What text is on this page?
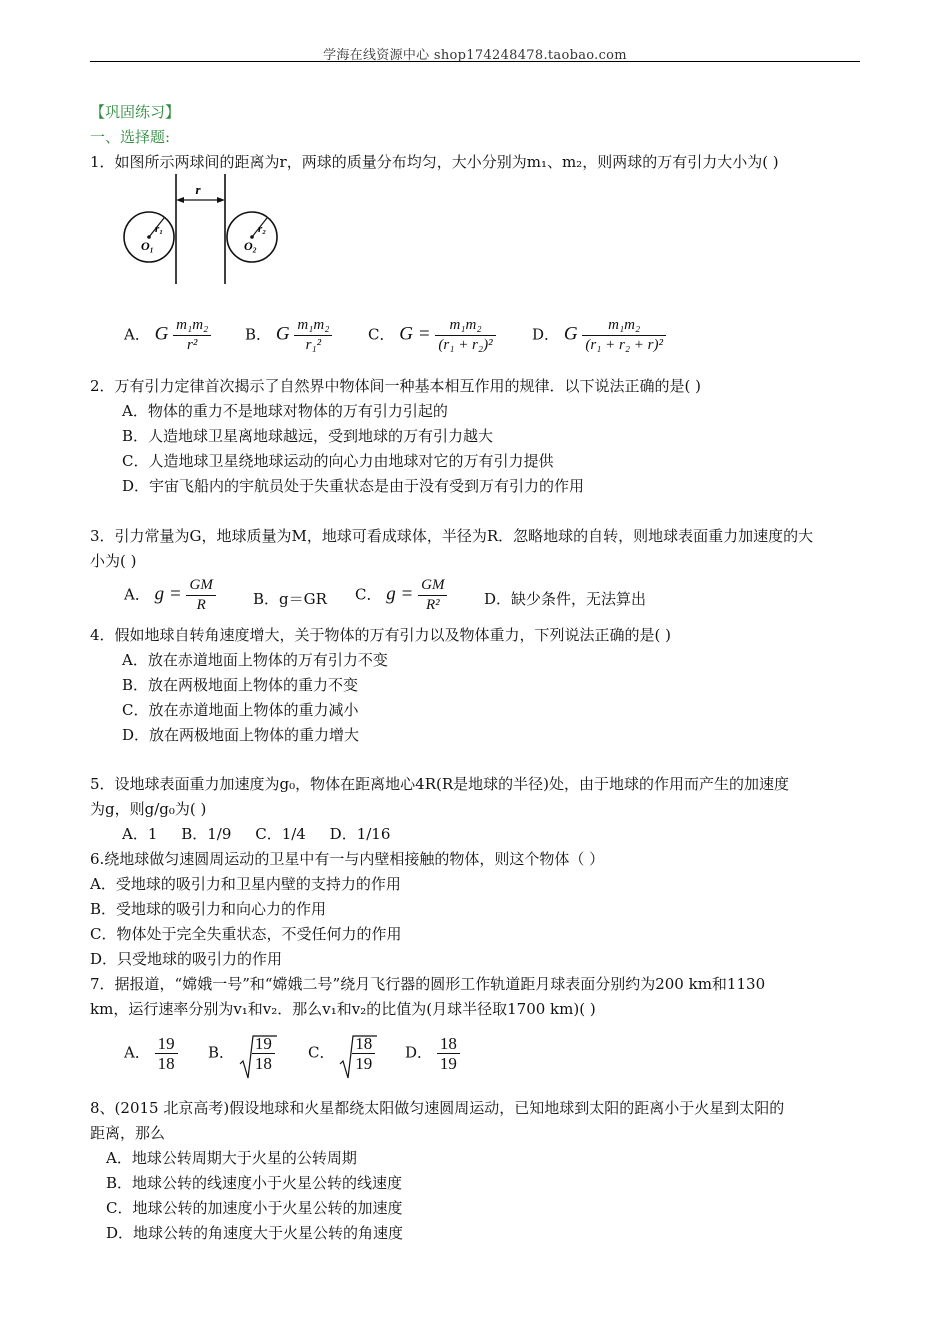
学海在线资源中心 shop174248478.taobao.com
【巩固练习】
一、选择题:
1．如图所示两球间的距离为r，两球的质量分布均匀，大小分别为m₁、m₂，则两球的万有引力大小为( )
r
r₁	r₂
O₁	O₂
A． G $\frac{\text{m₁m₂}}{\text{r²}}$ B． G $\frac{\text{m₁m₂}}{\text{r₁²}}$ C． $G = \frac{\text{m₁m₂}}{\text{(r₁ + r₂)²}}$ D． G $\frac{\text{m₁m₂}}{\text{(r₁ + r₂ + r)²}}$
2．万有引力定律首次揭示了自然界中物体间一种基本相互作用的规律．以下说法正确的是( )
A．物体的重力不是地球对物体的万有引力引起的
B．人造地球卫星离地球越远，受到地球的万有引力越大
C．人造地球卫星绕地球运动的向心力由地球对它的万有引力提供
D．宇宙飞船内的宇航员处于失重状态是由于没有受到万有引力的作用
3．引力常量为G，地球质量为M，地球可看成球体，半径为R．忽略地球的自转，则地球表面重力加速度的大
小为( )
A． $g = \frac{GM}{R}$ B．g＝GR C． $g = \frac{GM}{\text{R²}}$ D．缺少条件，无法算出
4．假如地球自转角速度增大，关于物体的万有引力以及物体重力，下列说法正确的是( )
A．放在赤道地面上物体的万有引力不变
B．放在两极地面上物体的重力不变
C．放在赤道地面上物体的重力减小
D．放在两极地面上物体的重力增大
5．设地球表面重力加速度为g₀，物体在距离地心4R(R是地球的半径)处，由于地球的作用而产生的加速度
为g，则g/g₀为( )
A．1     B．1/9     C．1/4     D．1/16
6.绕地球做匀速圆周运动的卫星中有一与内壁相接触的物体，则这个物体（ ）
A．受地球的吸引力和卫星内壁的支持力的作用
B．受地球的吸引力和向心力的作用
C．物体处于完全失重状态，不受任何力的作用
D．只受地球的吸引力的作用
7．据报道，“嫦娥一号”和“嫦娥二号”绕月飞行器的圆形工作轨道距月球表面分别约为200 km和1130
km，运行速率分别为v₁和v₂．那么v₁和v₂的比值为(月球半径取1700 km)( )
A． $\frac{19}{18}$ B． $\frac{19}{18}$ C． $\frac{18}{19}$ D． $\frac{18}{19}$
8、(2015 北京高考)假设地球和火星都绕太阳做匀速圆周运动，已知地球到太阳的距离小于火星到太阳的
距离，那么
A．地球公转周期大于火星的公转周期
B．地球公转的线速度小于火星公转的线速度
C．地球公转的加速度小于火星公转的加速度
D．地球公转的角速度大于火星公转的角速度
